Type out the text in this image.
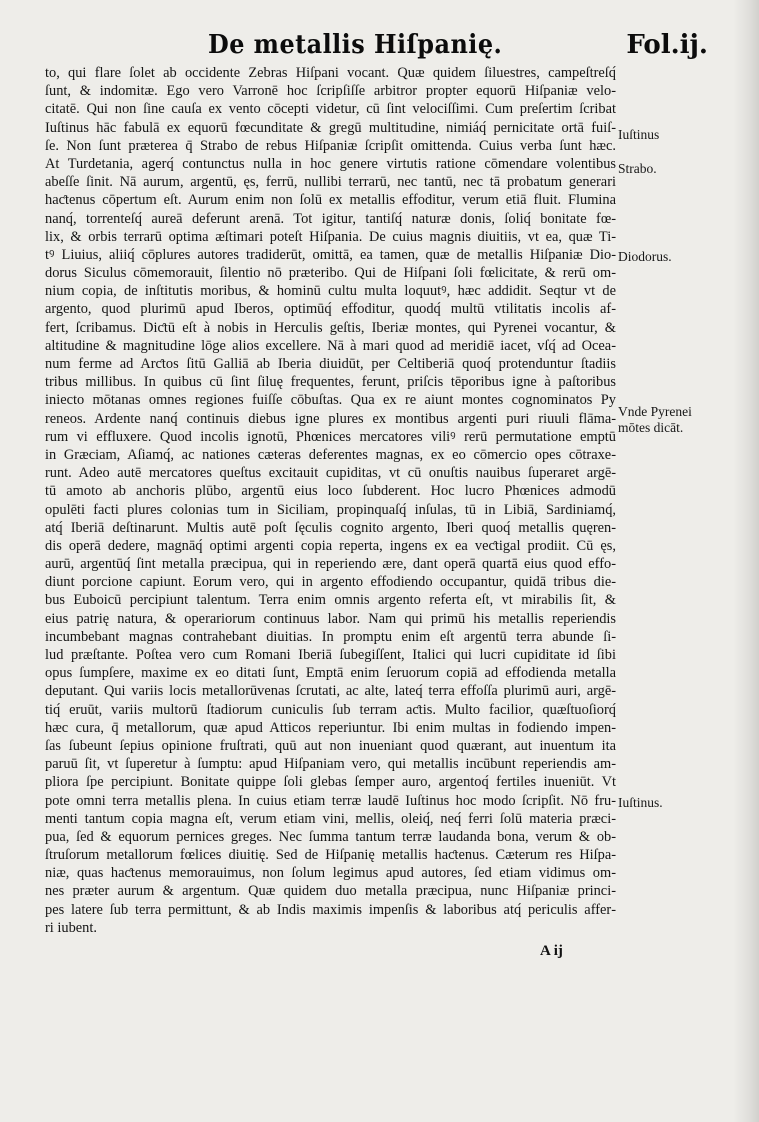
De metallis Hiſpanię.	Fol.ij.
to, qui flare ſolet ab occidente Zebras Hiſpani vocant. Quæ quidem ſiluestres, campeſtreſq́
ſunt, & indomitæ. Ego vero Varronē hoc ſcripſiſſe arbitror propter equorū Hiſpaniæ velo‑
citatē. Qui non ſine cauſa ex vento cōcepti videtur, cū ſint velociſſimi. Cum preſertim ſcribat
Iuſtinus hāc fabulā ex equorū fœcunditate & gregū multitudine, nimiáq́ pernicitate ortā fuiſ‑
ſe. Non ſunt præterea q̄ Strabo de rebus Hiſpaniæ ſcripſit omittenda. Cuius verba ſunt hæc.
At Turdetania, agerq́ contunctus nulla in hoc genere virtutis ratione cōmendare volentibus
abeſſe ſinit. Nā aurum, argentū, ęs, ferrū, nullibi terrarū, nec tantū, nec tā probatum generari
haƈtenus cōpertum eſt. Aurum enim non ſolū ex metallis effoditur, verum etiā fluit. Flumina
nanq́, torrenteſq́ aureā deferunt arenā. Tot igitur, tantiſq́ naturæ donis, ſoliq́ bonitate fœ‑
lix, & orbis terrarū optima æſtimari poteſt Hiſpania. De cuius magnis diuitiis, vt ea, quæ Ti‑
tꝰ Liuius, aliiq́ cōplures autores tradiderūt, omittā, ea tamen, quæ de metallis Hiſpaniæ Dio‑
dorus Siculus cōmemorauit, ſilentio nō præteribo. Qui de Hiſpani ſoli fœlicitate, & rerū om‑
nium copia, de inſtitutis moribus, & hominū cultu multa loquutꝰ, hæc addidit. Seqtur vt de
argento, quod plurimū apud Iberos, optimūq́ effoditur, quodq́ multū vtilitatis incolis af‑
fert, ſcribamus. Diƈtū eſt à nobis in Herculis geſtis, Iberiæ montes, qui Pyrenei vocantur, &
altitudine & magnitudine lōge alios excellere. Nā à mari quod ad meridiē iacet, vſq́ ad Ocea‑
num ferme ad Arƈtos ſitū Galliā ab Iberia diuidūt, per Celtiberiā quoq́ protenduntur ſtadiis
tribus millibus. In quibus cū ſint ſiluę frequentes, ferunt, priſcis tēporibus igne à paſtoribus
iniecto mōtanas omnes regiones fuiſſe cōbuſtas. Qua ex re aiunt montes cognominatos Py
reneos. Ardente nanq́ continuis diebus igne plures ex montibus argenti puri riuuli flāma‑
rum vi effluxere. Quod incolis ignotū, Phœnices mercatores viliꝰ rerū permutatione emptū
in Græciam, Aſiamq́, ac nationes cæteras deferentes magnas, ex eo cōmercio opes cōtraxe‑
runt. Adeo autē mercatores queſtus excitauit cupiditas, vt cū onuſtis nauibus ſuperaret argē‑
tū amoto ab anchoris plūbo, argentū eius loco ſubderent. Hoc lucro Phœnices admodū
opulēti facti plures colonias tum in Siciliam, propinquaſq́ inſulas, tū in Libiā, Sardiniamq́,
atq́ Iberiā deſtinarunt. Multis autē poſt ſęculis cognito argento, Iberi quoq́ metallis quęren‑
dis operā dedere, magnāq́ optimi argenti copia reperta, ingens ex ea veƈtigal prodiit. Cū ęs,
aurū, argentūq́ ſint metalla præcipua, qui in reperiendo ære, dant operā quartā eius quod effo‑
diunt porcione capiunt. Eorum vero, qui in argento effodiendo occupantur, quidā tribus die‑
bus Euboicū percipiunt talentum. Terra enim omnis argento referta eſt, vt mirabilis ſit, &
eius patrię natura, & operariorum continuus labor. Nam qui primū his metallis reperiendis
incumbebant magnas contrahebant diuitias. In promptu enim eſt argentū terra abunde ſi‑
lud præſtante. Poſtea vero cum Romani Iberiā ſubegiſſent, Italici qui lucri cupiditate id ſibi
opus ſumpſere, maxime ex eo ditati ſunt, Emptā enim ſeruorum copiā ad effodienda metalla
deputant. Qui variis locis metallorūvenas ſcrutati, ac alte, lateq́ terra effoſſa plurimū auri, argē‑
tiq́ eruūt, variis multorū ſtadiorum cuniculis ſub terram aƈtis. Multo facilior, quæſtuoſiorq́
hæc cura, q̄ metallorum, quæ apud Atticos reperiuntur. Ibi enim multas in fodiendo impen‑
ſas ſubeunt ſepius opinione fruſtrati, quū aut non inueniant quod quærant, aut inuentum ita
paruū ſit, vt ſuperetur à ſumptu: apud Hiſpaniam vero, qui metallis incūbunt reperiendis am‑
pliora ſpe percipiunt. Bonitate quippe ſoli glebas ſemper auro, argentoq́ fertiles inueniūt. Vt
pote omni terra metallis plena. In cuius etiam terræ laudē Iuſtinus hoc modo ſcripſit. Nō fru‑
menti tantum copia magna eſt, verum etiam vini, mellis, oleiq́, neq́ ferri ſolū materia præci‑
pua, ſed & equorum pernices greges. Nec ſumma tantum terræ laudanda bona, verum & ob‑
ſtruſorum metallorum fœlices diuitię. Sed de Hiſpanię metallis haƈtenus. Cæterum res Hiſpa‑
niæ, quas haƈtenus memorauimus, non ſolum legimus apud autores, ſed etiam vidimus om‑
nes præter aurum & argentum. Quæ quidem duo metalla præcipua, nunc Hiſpaniæ princi‑
pes latere ſub terra permittunt, & ab Indis maximis impenſis & laboribus atq́ periculis affer‑
ri iubent.
Iuſtinus
Strabo.
Diodorus.
Vnde Pyrenei
mōtes dicāt.
Iuſtinus.
A ij
